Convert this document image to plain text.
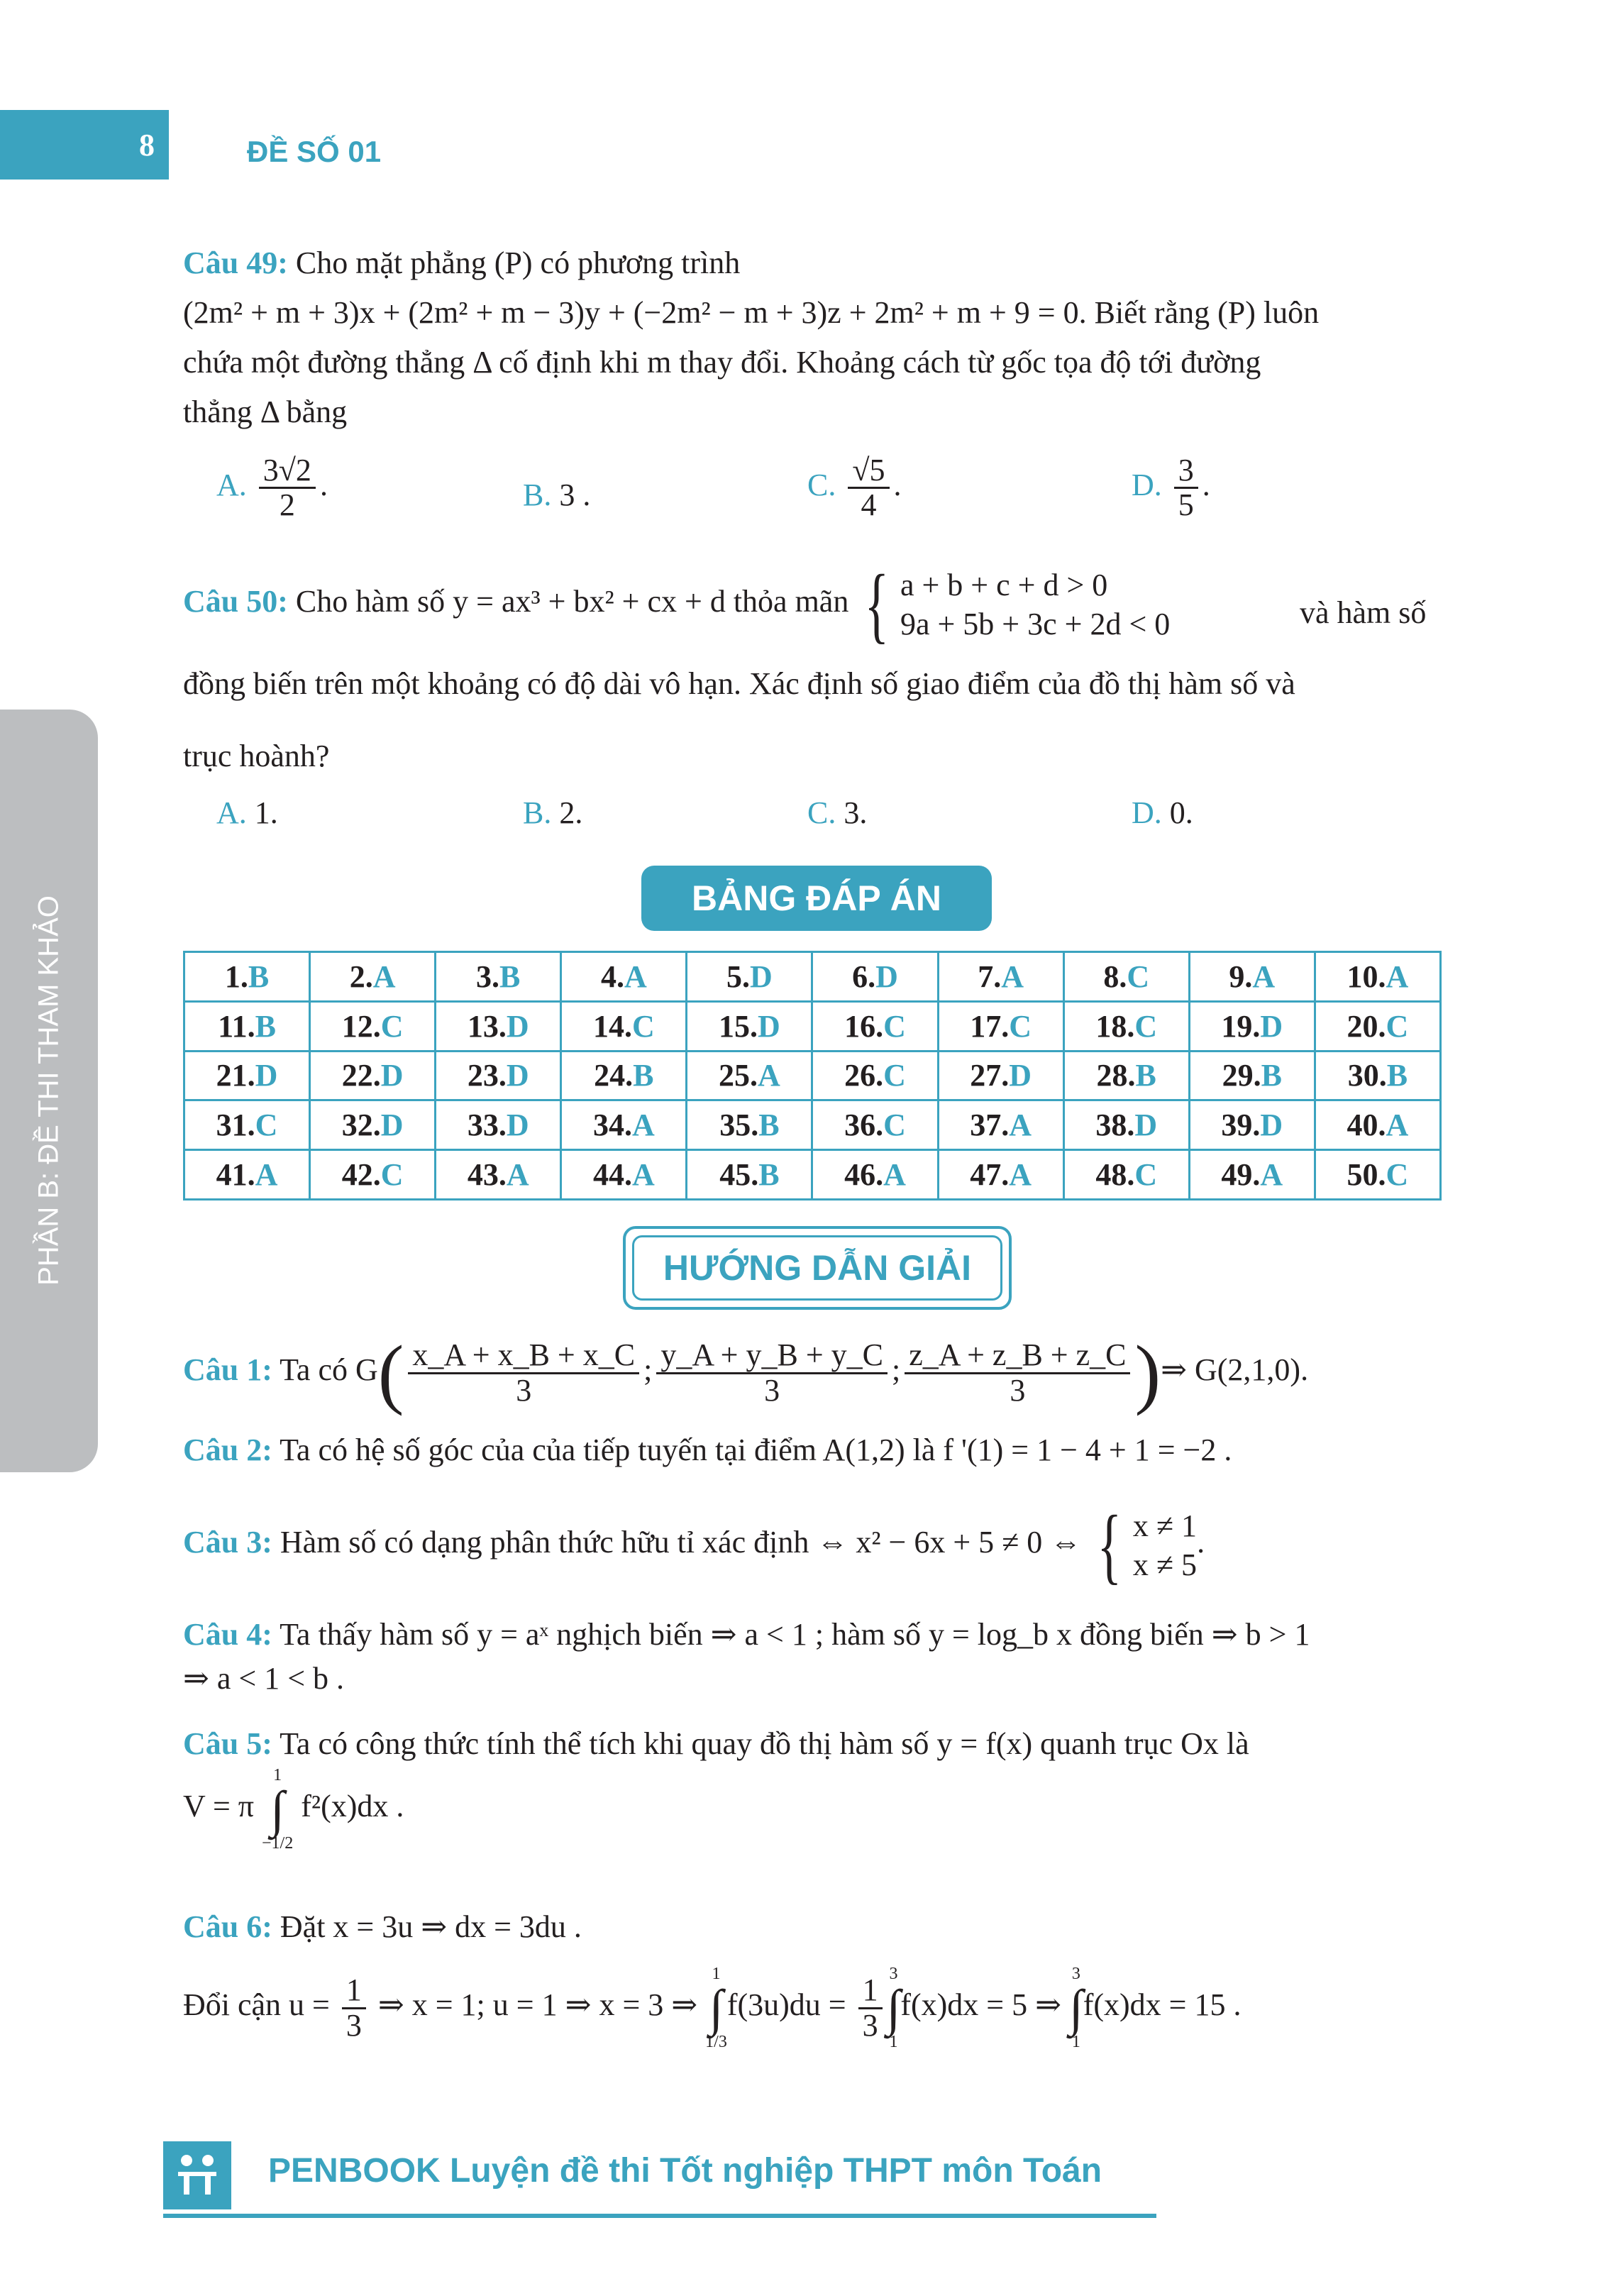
8	ĐỀ SỐ 01
PHẦN B: ĐỀ THI THAM KHẢO
Câu 49: Cho mặt phẳng (P) có phương trình
(2m² + m + 3)x + (2m² + m − 3)y + (−2m² − m + 3)z + 2m² + m + 9 = 0. Biết rằng (P) luôn
chứa một đường thẳng Δ cố định khi m thay đổi. Khoảng cách từ gốc tọa độ tới đường
thẳng Δ bằng
A. $\frac{3√2}{2}$ .	B. 3 .	C. $\frac{√5}{4}$ .	D. $\frac{3}{5}$ .
Câu 50: Cho hàm số y = ax³ + bx² + cx + d thỏa mãn { a + b + c + d > 0
9a + 5b + 3c + 2d < 0	và hàm số
đồng biến trên một khoảng có độ dài vô hạn. Xác định số giao điểm của đồ thị hàm số và
trục hoành?
A. 1.	B. 2.	C. 3.	D. 0.
BẢNG ĐÁP ÁN
1.B	2.A	3.B	4.A	5.D	6.D	7.A	8.C	9.A	10.A
11.B	12.C	13.D	14.C	15.D	16.C	17.C	18.C	19.D	20.C
21.D	22.D	23.D	24.B	25.A	26.C	27.D	28.B	29.B	30.B
31.C	32.D	33.D	34.A	35.B	36.C	37.A	38.D	39.D	40.A
41.A	42.C	43.A	44.A	45.B	46.A	47.A	48.C	49.A	50.C
HƯỚNG DẪN GIẢI
Câu 1: Ta có $G( \frac{x\_A + x\_B + x\_C}{3}$ ; $\frac{y\_A + y\_B + y\_C}{3}$ ; $\frac{z\_A + z\_B + z\_C}{3}$ )⇒ G(2,1,0).
Câu 2: Ta có hệ số góc của của tiếp tuyến tại điểm A(1,2) là f '(1) = 1 − 4 + 1 = −2 .
Câu 3: Hàm số có dạng phân thức hữu tỉ xác định ⇔ x² − 6x + 5 ≠ 0 ⇔ { x ≠ 1
x ≠ 5
.
Câu 4: Ta thấy hàm số y = aˣ nghịch biến ⇒ a < 1 ; hàm số y = log_b x đồng biến ⇒ b > 1
⇒ a < 1 < b .
Câu 5: Ta có công thức tính thể tích khi quay đồ thị hàm số y = f(x) quanh trục Ox là
V = π
1
∫
−1/2
f²(x)dx .
Câu 6: Đặt x = 3u ⇒ dx = 3du .
Đổi cận $u = \frac{1}{3}$ ⇒ x = 1; u = 1 ⇒ x = 3 ⇒
1
∫
1/3
$f(3u)du = \frac{1}{3}$
3
∫
1
f(x)dx = 5 ⇒
3
∫
1
f(x)dx = 15 .
PENBOOK Luyện đề thi Tốt nghiệp THPT môn Toán
